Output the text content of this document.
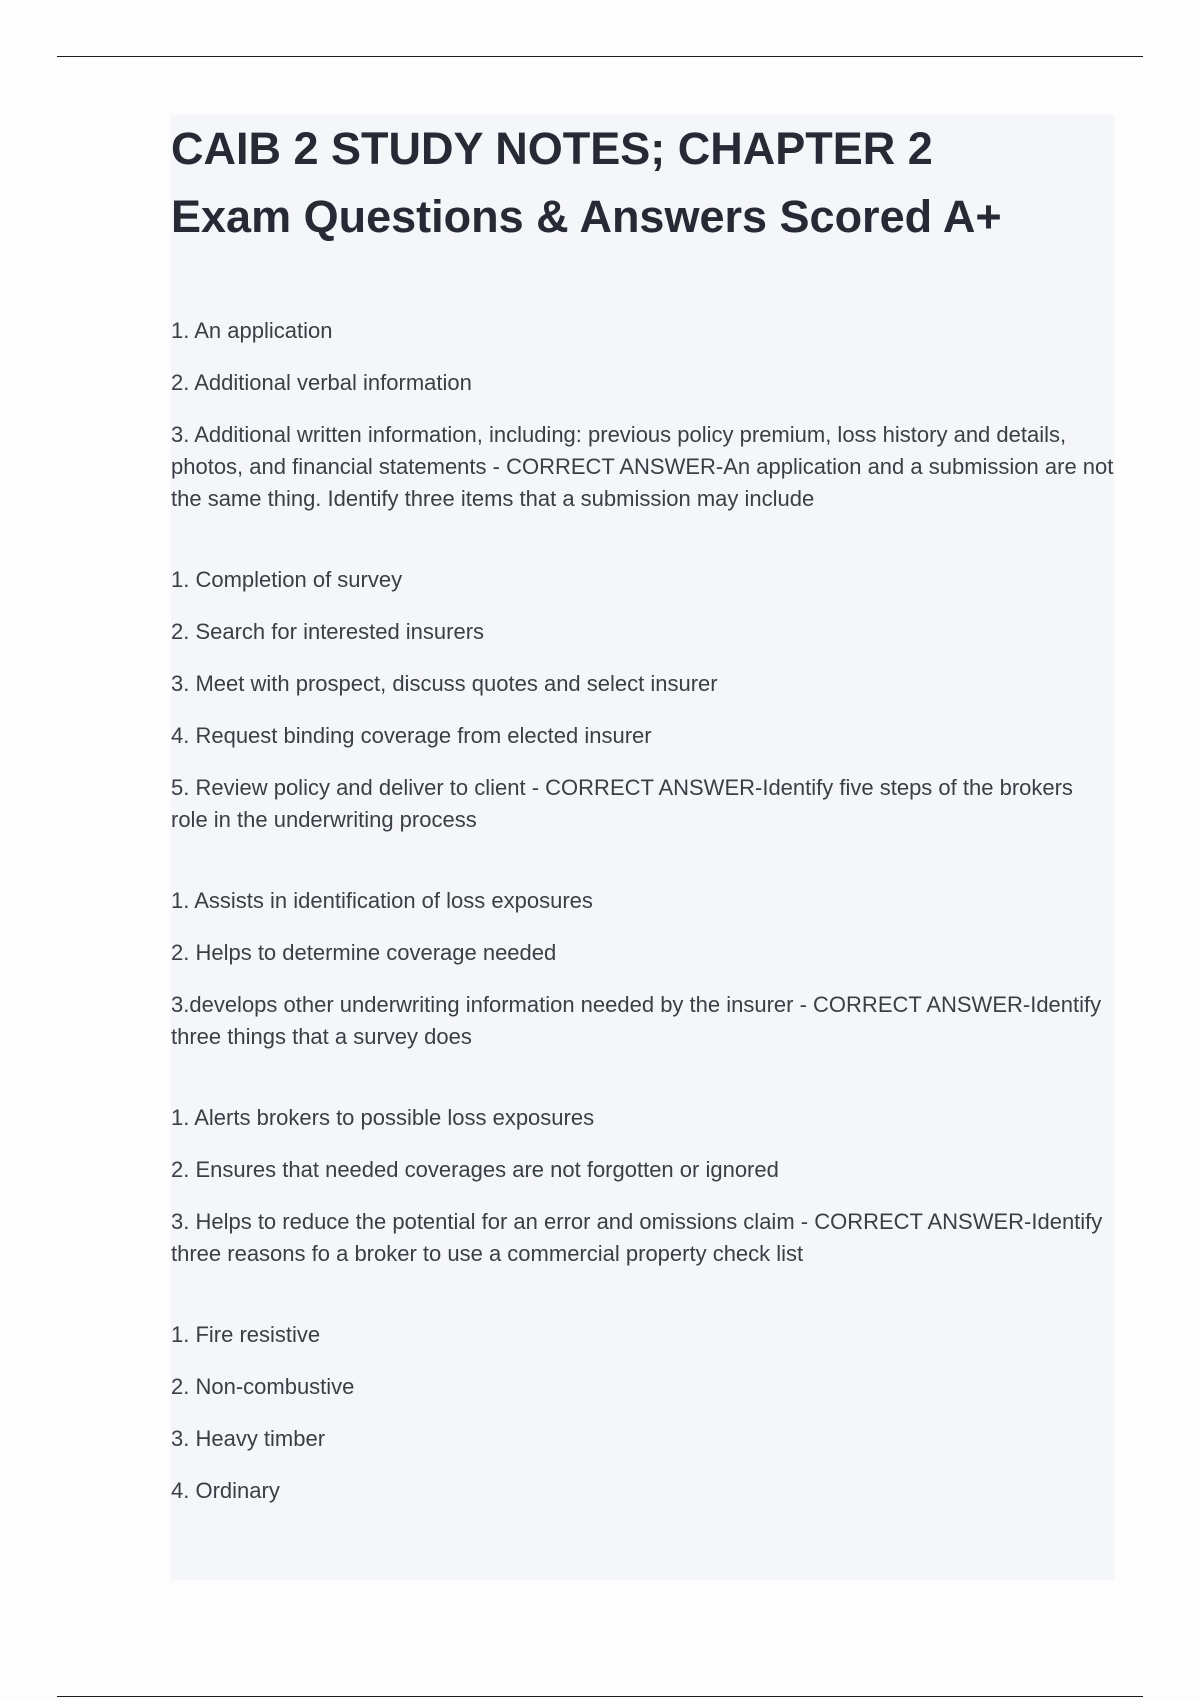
CAIB 2 STUDY NOTES; CHAPTER 2
Exam Questions & Answers Scored A+

1. An application

2. Additional verbal information

3. Additional written information, including: previous policy premium, loss history and details, photos, and financial statements - CORRECT ANSWER-An application and a submission are not the same thing. Identify three items that a submission may include

1. Completion of survey

2. Search for interested insurers

3. Meet with prospect, discuss quotes and select insurer

4. Request binding coverage from elected insurer

5. Review policy and deliver to client - CORRECT ANSWER-Identify five steps of the brokers role in the underwriting process

1. Assists in identification of loss exposures

2. Helps to determine coverage needed

3.develops other underwriting information needed by the insurer - CORRECT ANSWER-Identify three things that a survey does

1. Alerts brokers to possible loss exposures

2. Ensures that needed coverages are not forgotten or ignored

3. Helps to reduce the potential for an error and omissions claim - CORRECT ANSWER-Identify three reasons fo a broker to use a commercial property check list

1. Fire resistive

2. Non-combustive

3. Heavy timber

4. Ordinary
